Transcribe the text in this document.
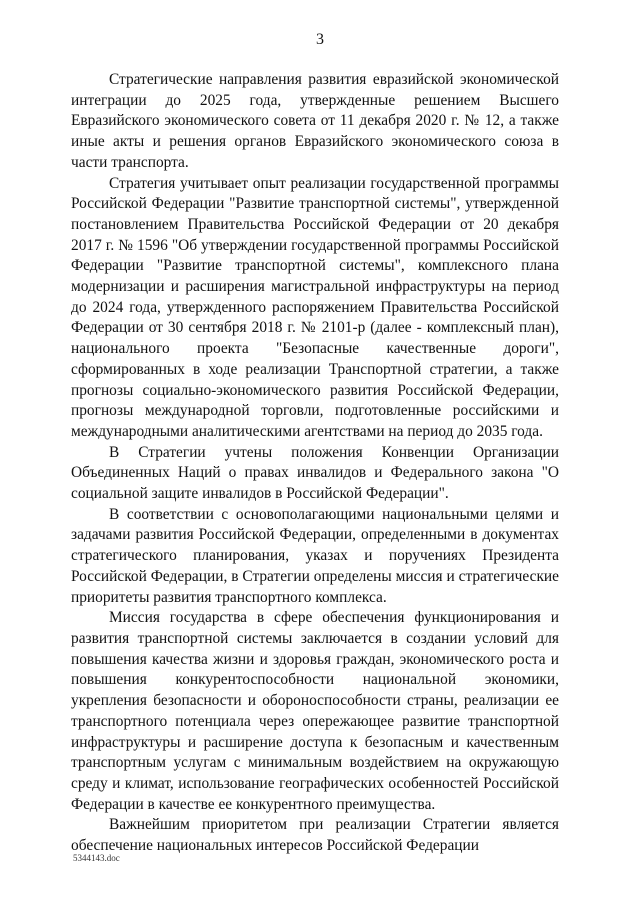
3

Стратегические направления развития евразийской экономической интеграции до 2025 года, утвержденные решением Высшего Евразийского экономического совета от 11 декабря 2020 г. № 12, а также иные акты и решения органов Евразийского экономического союза в части транспорта.

Стратегия учитывает опыт реализации государственной программы Российской Федерации "Развитие транспортной системы", утвержденной постановлением Правительства Российской Федерации от 20 декабря 2017 г. № 1596 "Об утверждении государственной программы Российской Федерации "Развитие транспортной системы", комплексного плана модернизации и расширения магистральной инфраструктуры на период до 2024 года, утвержденного распоряжением Правительства Российской Федерации от 30 сентября 2018 г. № 2101-р (далее - комплексный план), национального проекта "Безопасные качественные дороги", сформированных в ходе реализации Транспортной стратегии, а также прогнозы социально-экономического развития Российской Федерации, прогнозы международной торговли, подготовленные российскими и международными аналитическими агентствами на период до 2035 года.

В Стратегии учтены положения Конвенции Организации Объединенных Наций о правах инвалидов и Федерального закона "О социальной защите инвалидов в Российской Федерации".

В соответствии с основополагающими национальными целями и задачами развития Российской Федерации, определенными в документах стратегического планирования, указах и поручениях Президента Российской Федерации, в Стратегии определены миссия и стратегические приоритеты развития транспортного комплекса.

Миссия государства в сфере обеспечения функционирования и развития транспортной системы заключается в создании условий для повышения качества жизни и здоровья граждан, экономического роста и повышения конкурентоспособности национальной экономики, укрепления безопасности и обороноспособности страны, реализации ее транспортного потенциала через опережающее развитие транспортной инфраструктуры и расширение доступа к безопасным и качественным транспортным услугам с минимальным воздействием на окружающую среду и климат, использование географических особенностей Российской Федерации в качестве ее конкурентного преимущества.

Важнейшим приоритетом при реализации Стратегии является обеспечение национальных интересов Российской Федерации

5344143.doc
